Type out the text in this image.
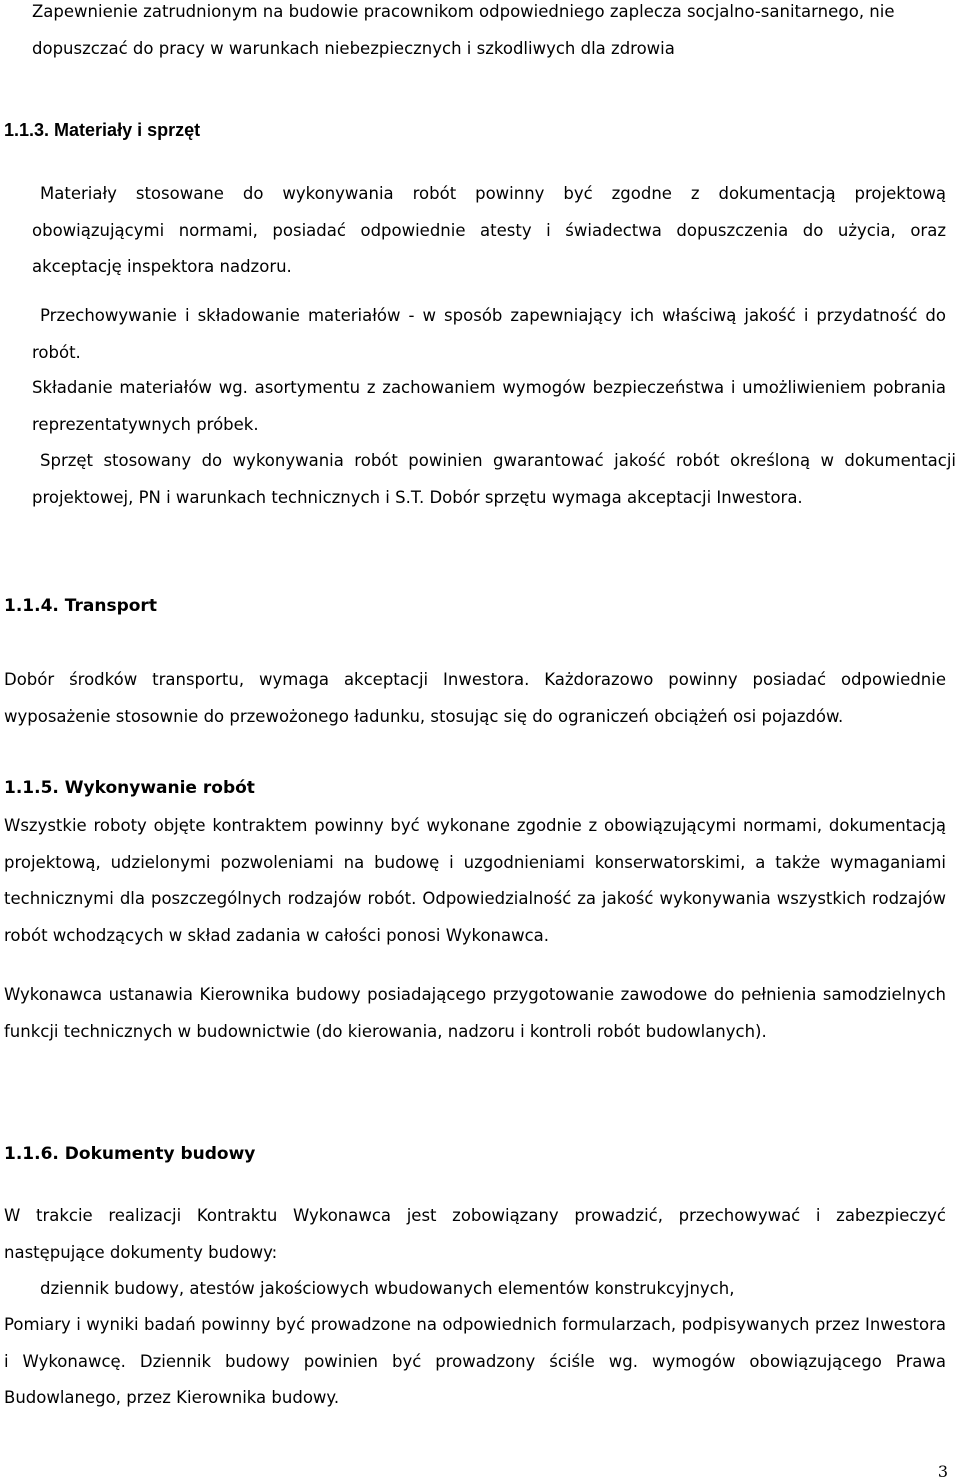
Zapewnienie zatrudnionym na budowie pracownikom odpowiedniego zaplecza socjalno-sanitarnego, nie dopuszczać do pracy w warunkach niebezpiecznych i szkodliwych dla zdrowia

1.1.3. Materiały i sprzęt

Materiały stosowane do wykonywania robót powinny być zgodne z dokumentacją projektową obowiązującymi normami, posiadać odpowiednie atesty i świadectwa dopuszczenia do użycia, oraz akceptację inspektora nadzoru.

Przechowywanie i składowanie materiałów - w sposób zapewniający ich właściwą jakość i przydatność do robót.

Składanie materiałów wg. asortymentu z zachowaniem wymogów bezpieczeństwa i umożliwieniem pobrania reprezentatywnych próbek.

Sprzęt stosowany do wykonywania robót powinien gwarantować jakość robót określoną w dokumentacji projektowej, PN i warunkach technicznych i S.T. Dobór sprzętu wymaga akceptacji Inwestora.

1.1.4. Transport

Dobór środków transportu, wymaga akceptacji Inwestora. Każdorazowo powinny posiadać odpowiednie wyposażenie stosownie do przewożonego ładunku, stosując się do ograniczeń obciążeń osi pojazdów.

1.1.5. Wykonywanie robót

Wszystkie roboty objęte kontraktem powinny być wykonane zgodnie z obowiązującymi normami, dokumentacją projektową, udzielonymi pozwoleniami na budowę i uzgodnieniami konserwatorskimi, a także wymaganiami technicznymi dla poszczególnych rodzajów robót. Odpowiedzialność za jakość wykonywania wszystkich rodzajów robót wchodzących w skład zadania w całości ponosi Wykonawca.

Wykonawca ustanawia Kierownika budowy posiadającego przygotowanie zawodowe do pełnienia samodzielnych funkcji technicznych w budownictwie (do kierowania, nadzoru i kontroli robót budowlanych).

1.1.6. Dokumenty budowy

W trakcie realizacji Kontraktu Wykonawca jest zobowiązany prowadzić, przechowywać i zabezpieczyć następujące dokumenty budowy:

dziennik budowy, atestów jakościowych wbudowanych elementów konstrukcyjnych,

Pomiary i wyniki badań powinny być prowadzone na odpowiednich formularzach, podpisywanych przez Inwestora i Wykonawcę. Dziennik budowy powinien być prowadzony ściśle wg. wymogów obowiązującego Prawa Budowlanego, przez Kierownika budowy.

3
